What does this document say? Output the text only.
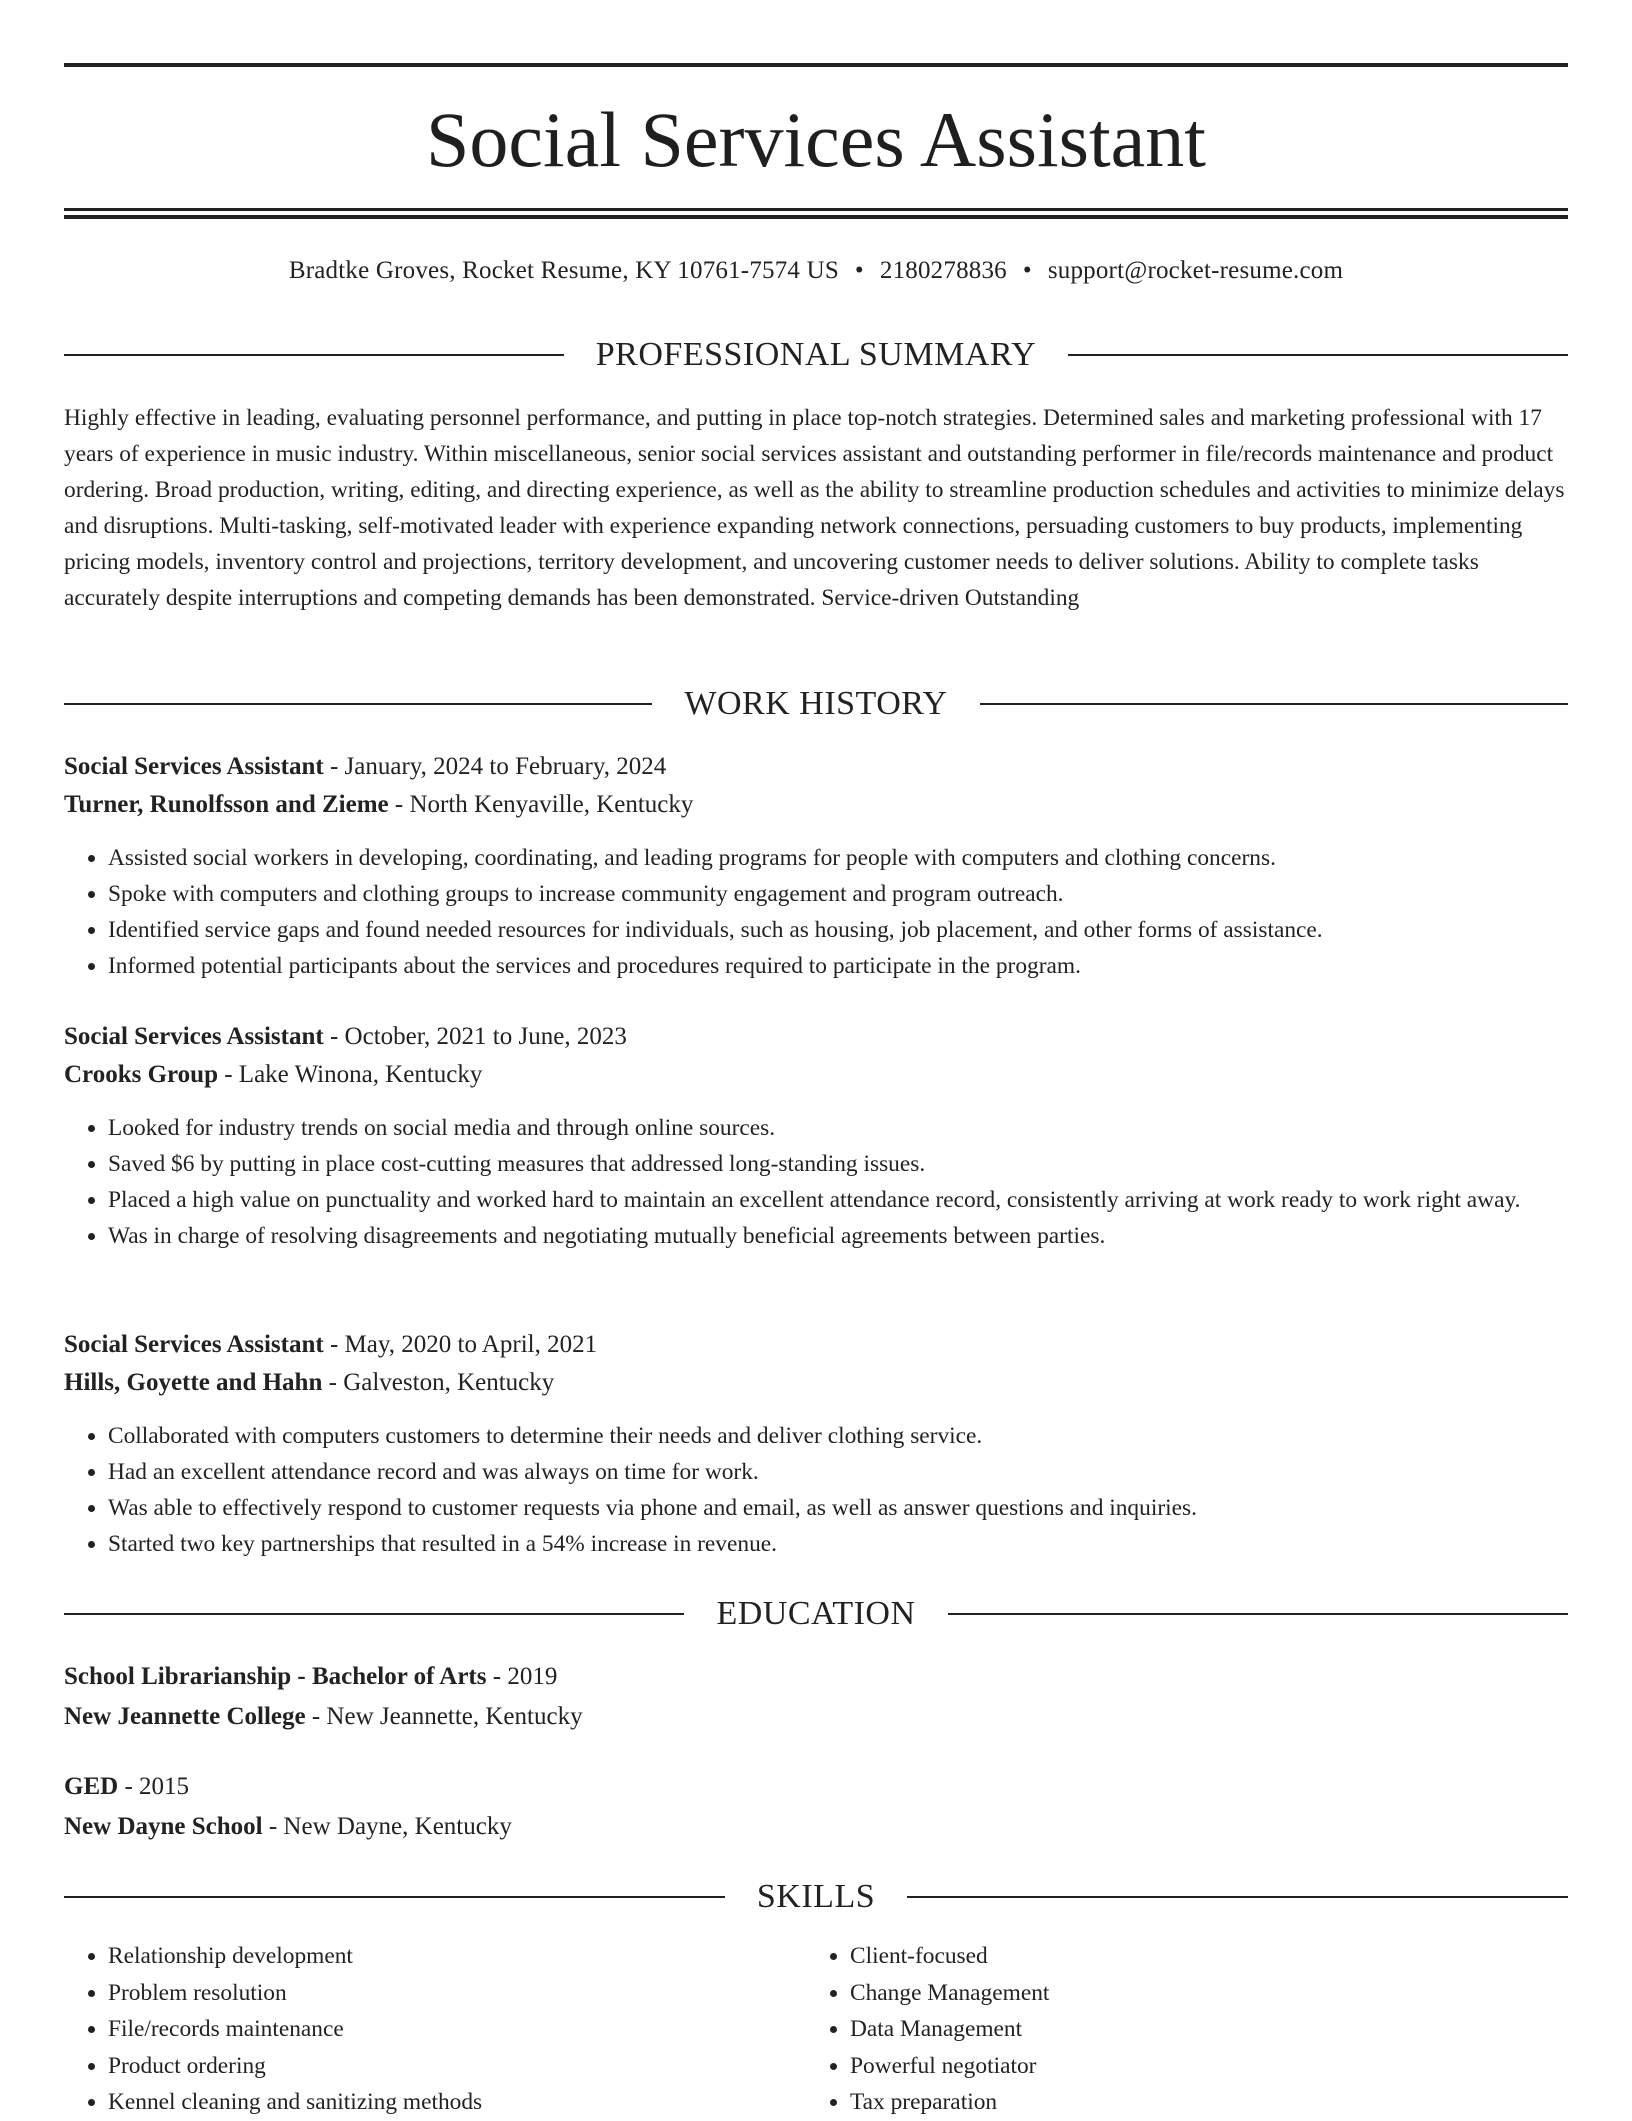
Social Services Assistant
Bradtke Groves, Rocket Resume, KY 10761-7574 US • 2180278836 • support@rocket-resume.com
PROFESSIONAL SUMMARY

Highly effective in leading, evaluating personnel performance, and putting in place top-notch strategies. Determined sales and marketing professional with 17 years of experience in music industry. Within miscellaneous, senior social services assistant and outstanding performer in file/records maintenance and product ordering. Broad production, writing, editing, and directing experience, as well as the ability to streamline production schedules and activities to minimize delays and disruptions. Multi-tasking, self-motivated leader with experience expanding network connections, persuading customers to buy products, implementing pricing models, inventory control and projections, territory development, and uncovering customer needs to deliver solutions. Ability to complete tasks accurately despite interruptions and competing demands has been demonstrated. Service-driven Outstanding

WORK HISTORY
Social Services Assistant - January, 2024 to February, 2024
Turner, Runolfsson and Zieme - North Kenyaville, Kentucky
• Assisted social workers in developing, coordinating, and leading programs for people with computers and clothing concerns.
• Spoke with computers and clothing groups to increase community engagement and program outreach.
• Identified service gaps and found needed resources for individuals, such as housing, job placement, and other forms of assistance.
• Informed potential participants about the services and procedures required to participate in the program.
Social Services Assistant - October, 2021 to June, 2023
Crooks Group - Lake Winona, Kentucky
• Looked for industry trends on social media and through online sources.
• Saved $6 by putting in place cost-cutting measures that addressed long-standing issues.
• Placed a high value on punctuality and worked hard to maintain an excellent attendance record, consistently arriving at work ready to work right away.
• Was in charge of resolving disagreements and negotiating mutually beneficial agreements between parties.
Social Services Assistant - May, 2020 to April, 2021
Hills, Goyette and Hahn - Galveston, Kentucky
• Collaborated with computers customers to determine their needs and deliver clothing service.
• Had an excellent attendance record and was always on time for work.
• Was able to effectively respond to customer requests via phone and email, as well as answer questions and inquiries.
• Started two key partnerships that resulted in a 54% increase in revenue.
EDUCATION
School Librarianship - Bachelor of Arts - 2019
New Jeannette College - New Jeannette, Kentucky
GED - 2015
New Dayne School - New Dayne, Kentucky
SKILLS
• Relationship development
• Problem resolution
• File/records maintenance
• Product ordering
• Kennel cleaning and sanitizing methods
• Client-focused
• Change Management
• Data Management
• Powerful negotiator
• Tax preparation
